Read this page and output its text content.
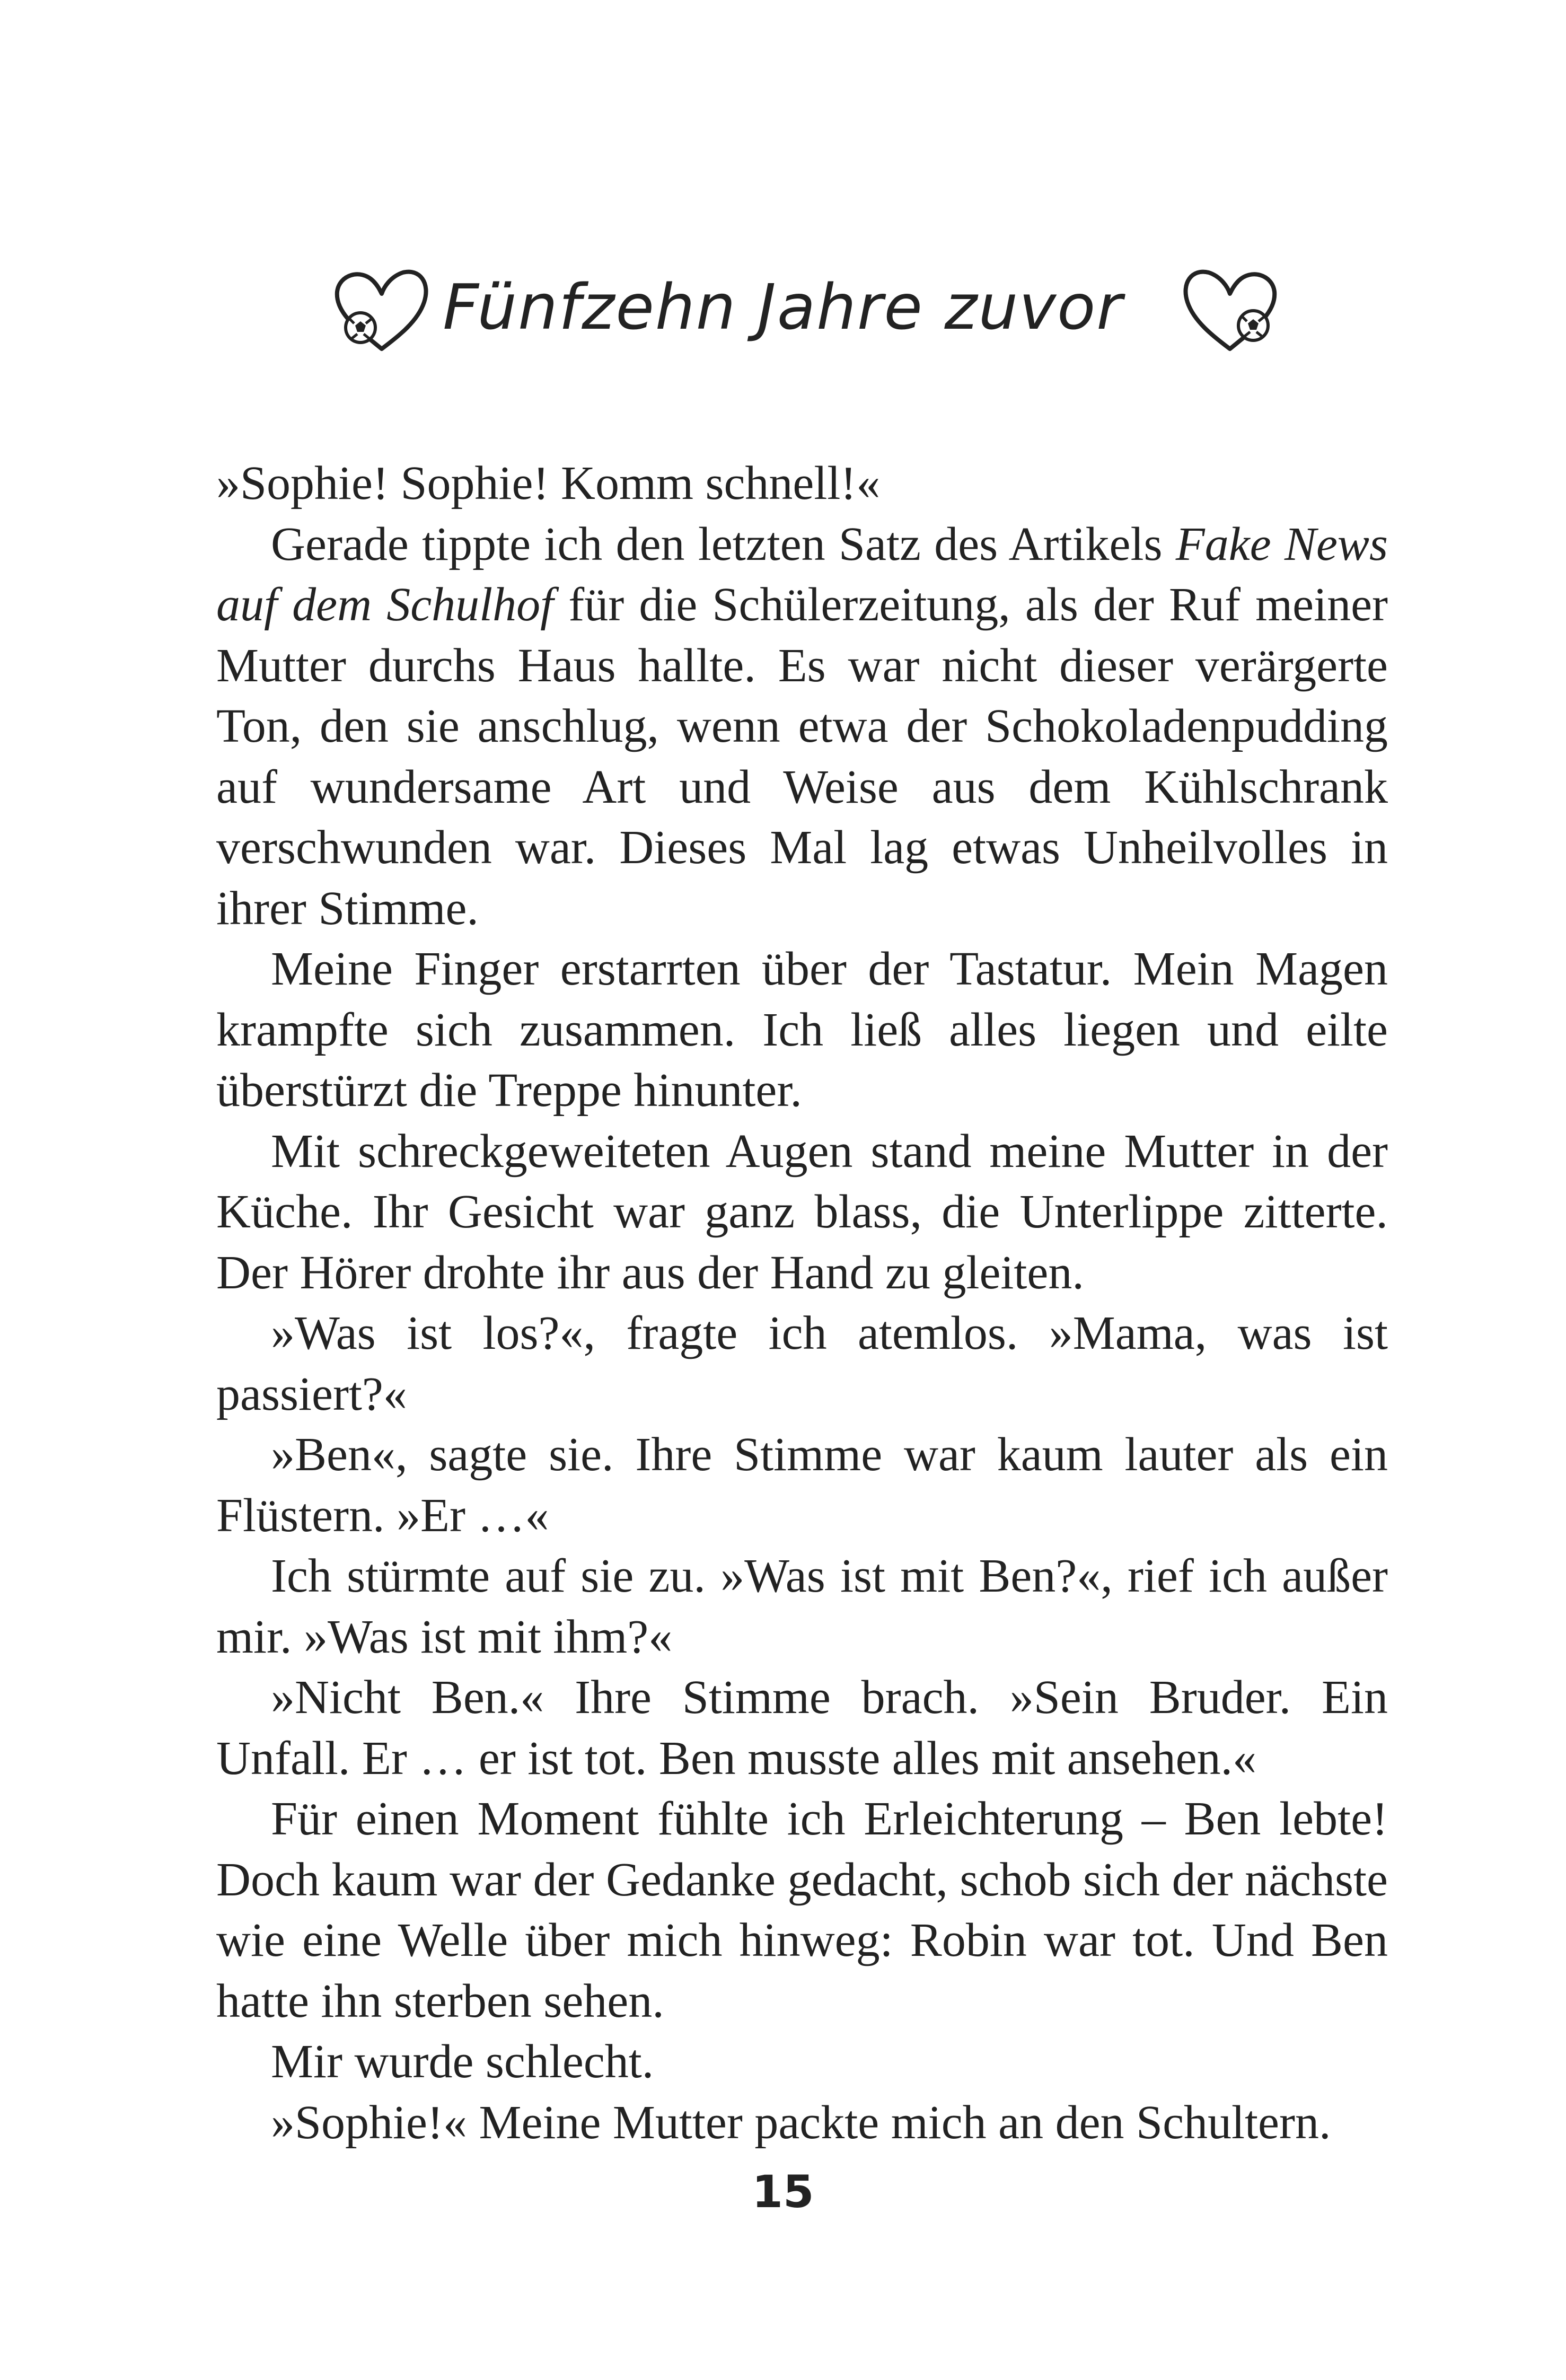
Fünfzehn Jahre zuvor

»Sophie! Sophie! Komm schnell!«

Gerade tippte ich den letzten Satz des Artikels Fake News auf dem Schulhof für die Schülerzeitung, als der Ruf meiner Mutter durchs Haus hallte. Es war nicht dieser verärgerte Ton, den sie anschlug, wenn etwa der Schokoladenpudding auf wundersame Art und Weise aus dem Kühlschrank verschwunden war. Dieses Mal lag etwas Unheilvolles in ihrer Stimme.

Meine Finger erstarrten über der Tastatur. Mein Magen krampfte sich zusammen. Ich ließ alles liegen und eilte überstürzt die Treppe hinunter.

Mit schreckgeweiteten Augen stand meine Mutter in der Küche. Ihr Gesicht war ganz blass, die Unterlippe zitterte. Der Hörer drohte ihr aus der Hand zu gleiten.

»Was ist los?«, fragte ich atemlos. »Mama, was ist passiert?«

»Ben«, sagte sie. Ihre Stimme war kaum lauter als ein Flüstern. »Er …«

Ich stürmte auf sie zu. »Was ist mit Ben?«, rief ich außer mir. »Was ist mit ihm?«

»Nicht Ben.« Ihre Stimme brach. »Sein Bruder. Ein Unfall. Er … er ist tot. Ben musste alles mit ansehen.«

Für einen Moment fühlte ich Erleichterung – Ben lebte! Doch kaum war der Gedanke gedacht, schob sich der nächste wie eine Welle über mich hinweg: Robin war tot. Und Ben hatte ihn sterben sehen.

Mir wurde schlecht.

»Sophie!« Meine Mutter packte mich an den Schultern.

15
